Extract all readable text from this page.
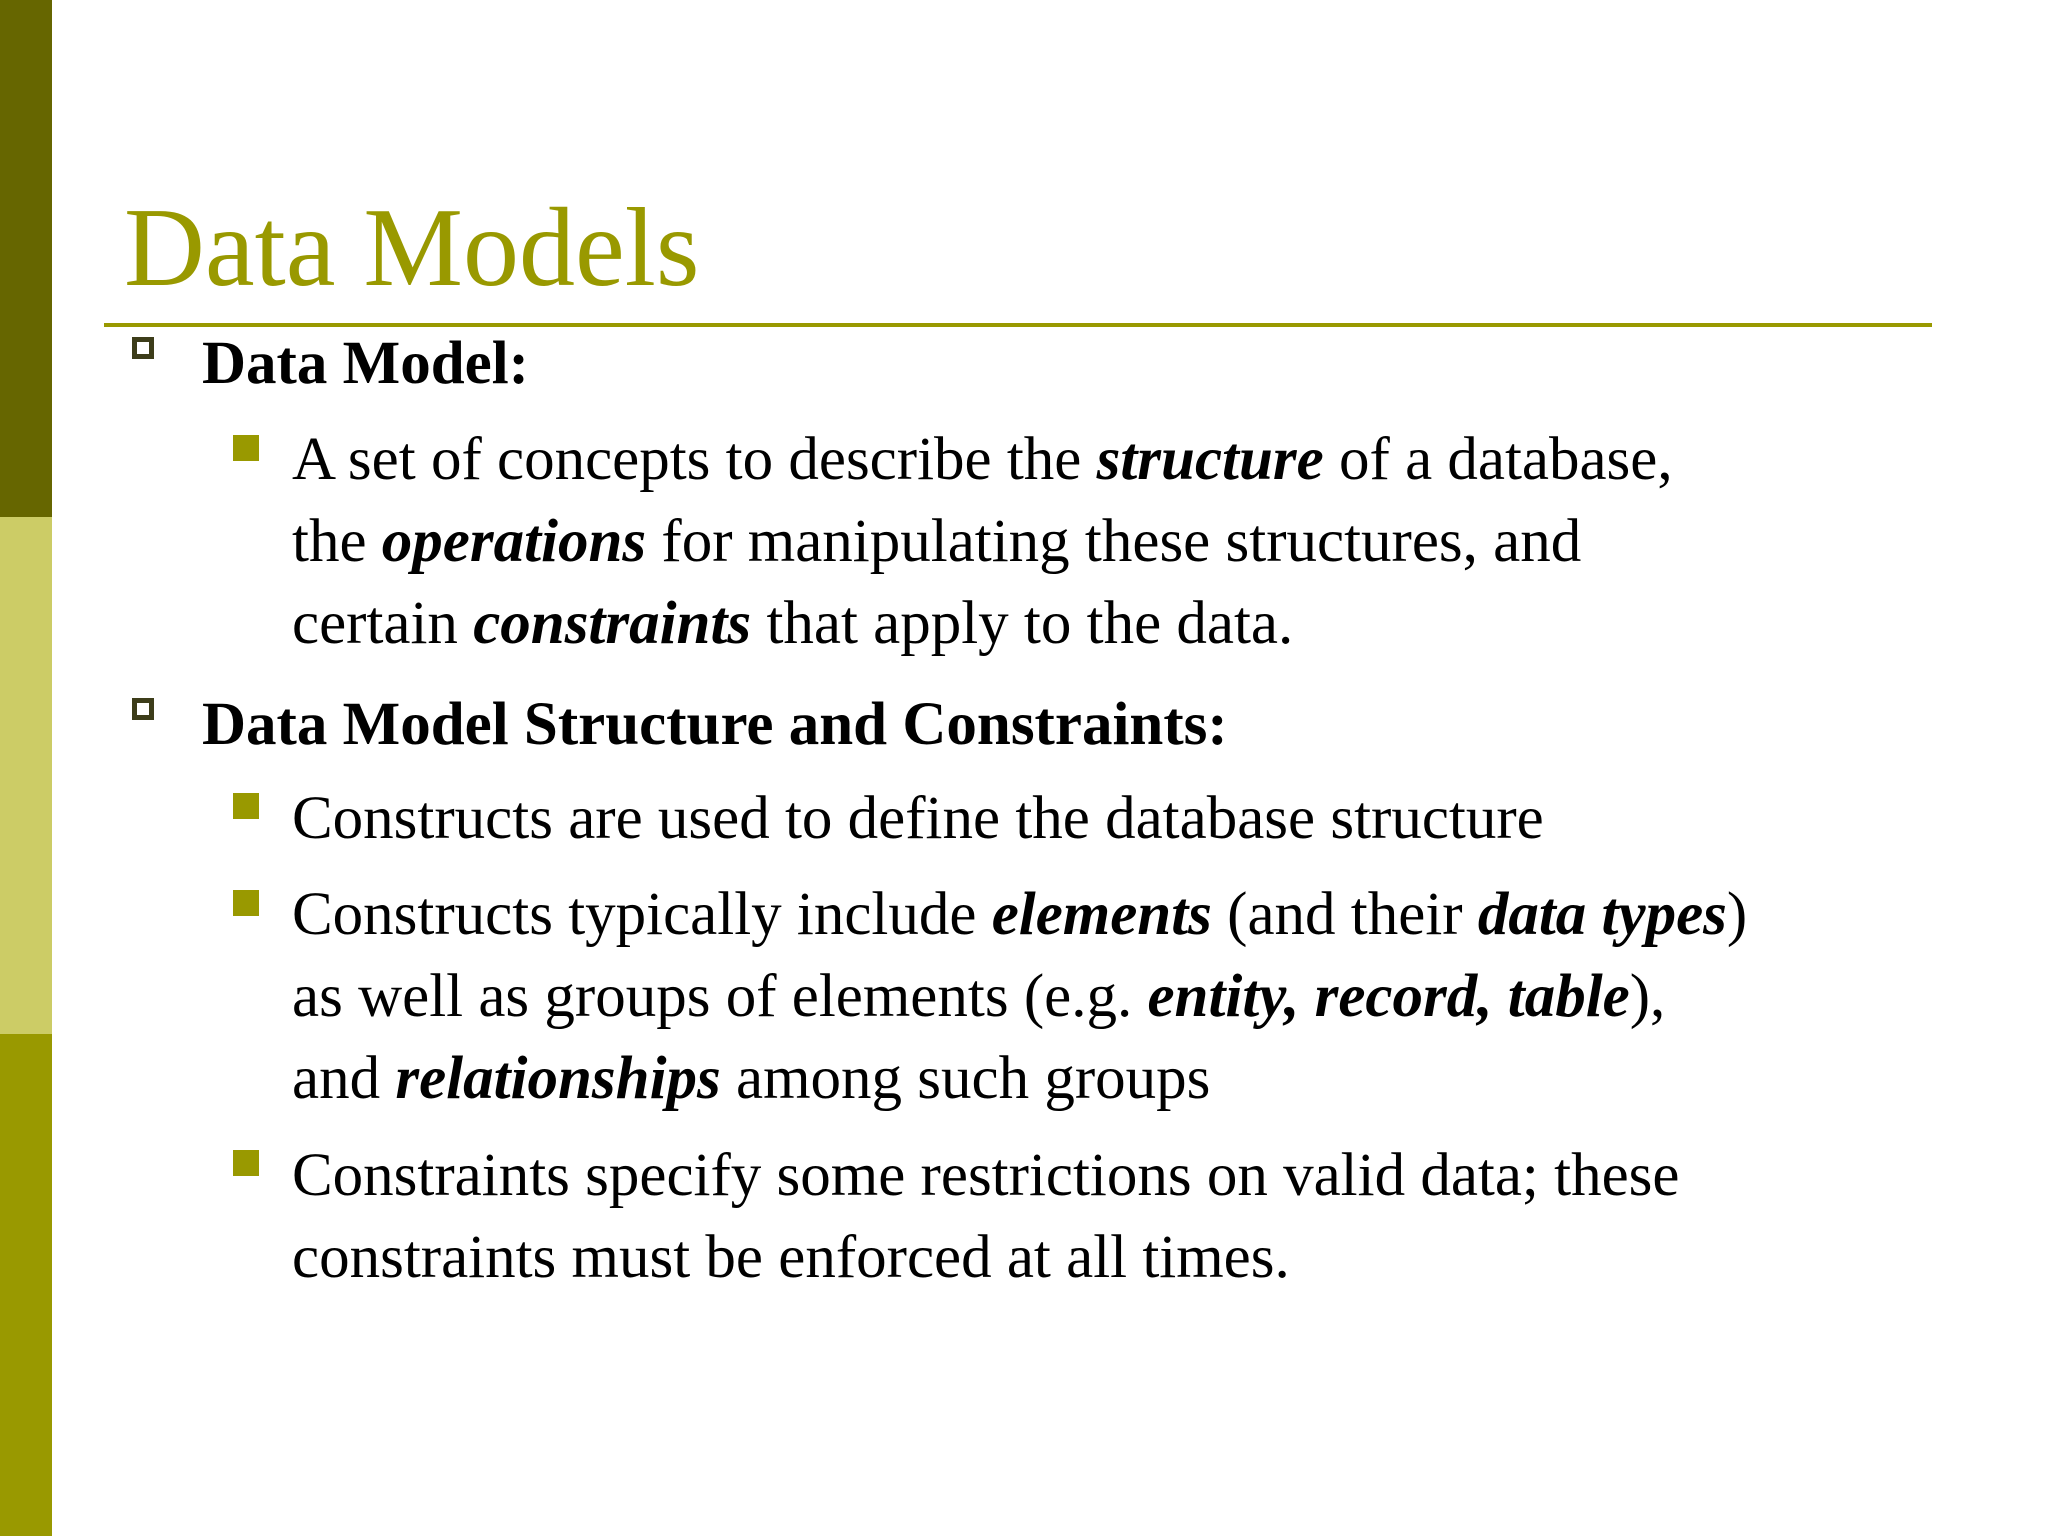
Data Models

Data Model:

A set of concepts to describe the structure of a database,

the operations for manipulating these structures, and

certain constraints that apply to the data.

Data Model Structure and Constraints:

Constructs are used to define the database structure

Constructs typically include elements (and their data types)

as well as groups of elements (e.g. entity, record, table),

and relationships among such groups

Constraints specify some restrictions on valid data; these

constraints must be enforced at all times.
